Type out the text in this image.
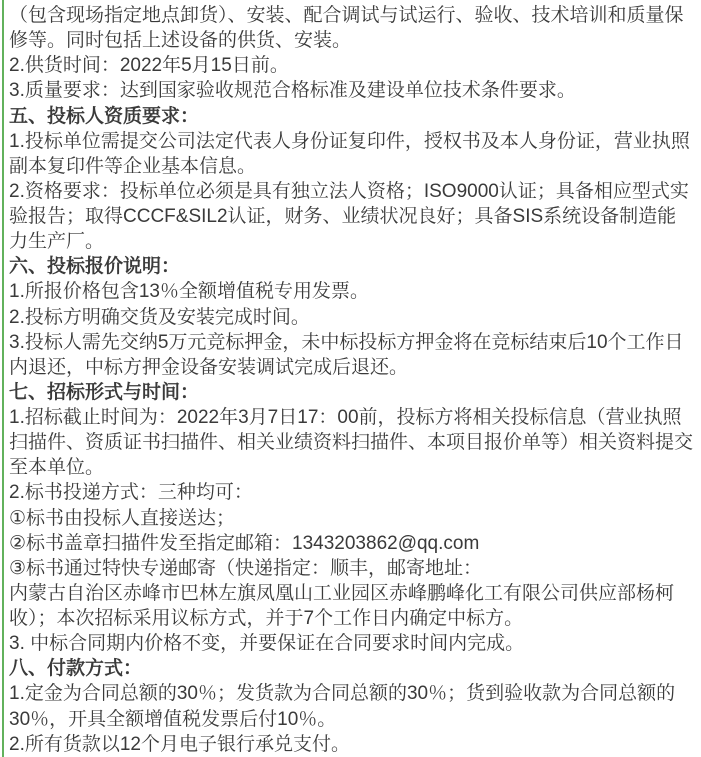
（包含现场指定地点卸货）、安装、配合调试与试运行、验收、技术培训和质量保
修等。同时包括上述设备的供货、安装。
2.供货时间：2022年5月15日前。
3.质量要求：达到国家验收规范合格标准及建设单位技术条件要求。
五、投标人资质要求：
1.投标单位需提交公司法定代表人身份证复印件，授权书及本人身份证，营业执照
副本复印件等企业基本信息。
2.资格要求：投标单位必须是具有独立法人资格；ISO9000认证；具备相应型式实
验报告；取得CCCF&SIL2认证，财务、业绩状况良好；具备SIS系统设备制造能
力生产厂。
六、投标报价说明：
1.所报价格包含13％全额增值税专用发票。
2.投标方明确交货及安装完成时间。
3.投标人需先交纳5万元竞标押金，未中标投标方押金将在竞标结束后10个工作日
内退还，中标方押金设备安装调试完成后退还。
七、招标形式与时间：
1.招标截止时间为：2022年3月7日17：00前，投标方将相关投标信息（营业执照
扫描件、资质证书扫描件、相关业绩资料扫描件、本项目报价单等）相关资料提交
至本单位。
2.标书投递方式：三种均可：
①标书由投标人直接送达；
②标书盖章扫描件发至指定邮箱：1343203862@qq.com
③标书通过特快专递邮寄（快递指定：顺丰，邮寄地址：
内蒙古自治区赤峰市巴林左旗凤凰山工业园区赤峰鹏峰化工有限公司供应部杨柯
收）；本次招标采用议标方式，并于7个工作日内确定中标方。
3. 中标合同期内价格不变，并要保证在合同要求时间内完成。
八、付款方式：
1.定金为合同总额的30％；发货款为合同总额的30％；货到验收款为合同总额的
30％，开具全额增值税发票后付10％。
2.所有货款以12个月电子银行承兑支付。
